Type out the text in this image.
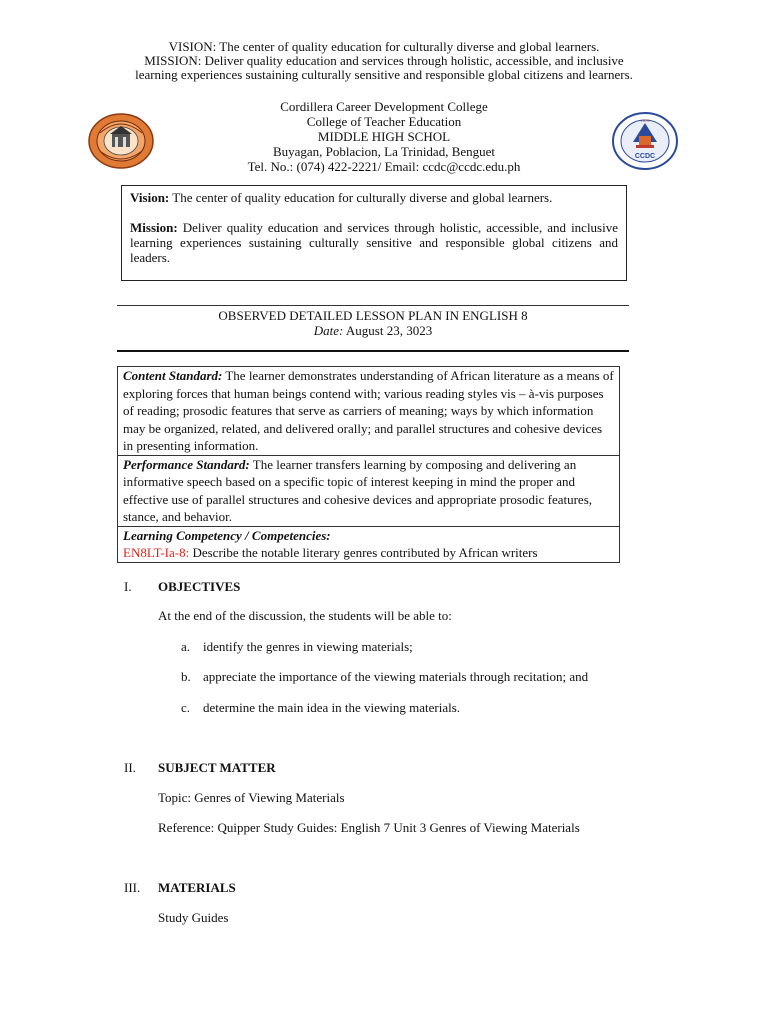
VISION: The center of quality education for culturally diverse and global learners.
MISSION: Deliver quality education and services through holistic, accessible, and inclusive
learning experiences sustaining culturally sensitive and responsible global citizens and learners.
Cordillera Career Development College
College of Teacher Education
MIDDLE HIGH SCHOL
Buyagan, Poblacion, La Trinidad, Benguet
Tel. No.: (074) 422-2221/ Email: ccdc@ccdc.edu.ph
CCDC
1970
Vision: The center of quality education for culturally diverse and global learners.
Mission: Deliver quality education and services through holistic, accessible, and inclusive learning experiences sustaining culturally sensitive and responsible global citizens and leaders.
OBSERVED DETAILED LESSON PLAN IN ENGLISH 8
Date: August 23, 3023
Content Standard: The learner demonstrates understanding of African literature as a means of exploring forces that human beings contend with; various reading styles vis – à-vis purposes of reading; prosodic features that serve as carriers of meaning; ways by which information may be organized, related, and delivered orally; and parallel structures and cohesive devices in presenting information.
Performance Standard: The learner transfers learning by composing and delivering an informative speech based on a specific topic of interest keeping in mind the proper and effective use of parallel structures and cohesive devices and appropriate prosodic features, stance, and behavior.

Learning Competency / Competencies:
EN8LT-Ia-8: Describe the notable literary genres contributed by African writers
I. OBJECTIVES
At the end of the discussion, the students will be able to:
a. identify the genres in viewing materials;
b. appreciate the importance of the viewing materials through recitation; and
c. determine the main idea in the viewing materials.
II. SUBJECT MATTER
Topic: Genres of Viewing Materials
Reference: Quipper Study Guides: English 7 Unit 3 Genres of Viewing Materials
III. MATERIALS
Study Guides
